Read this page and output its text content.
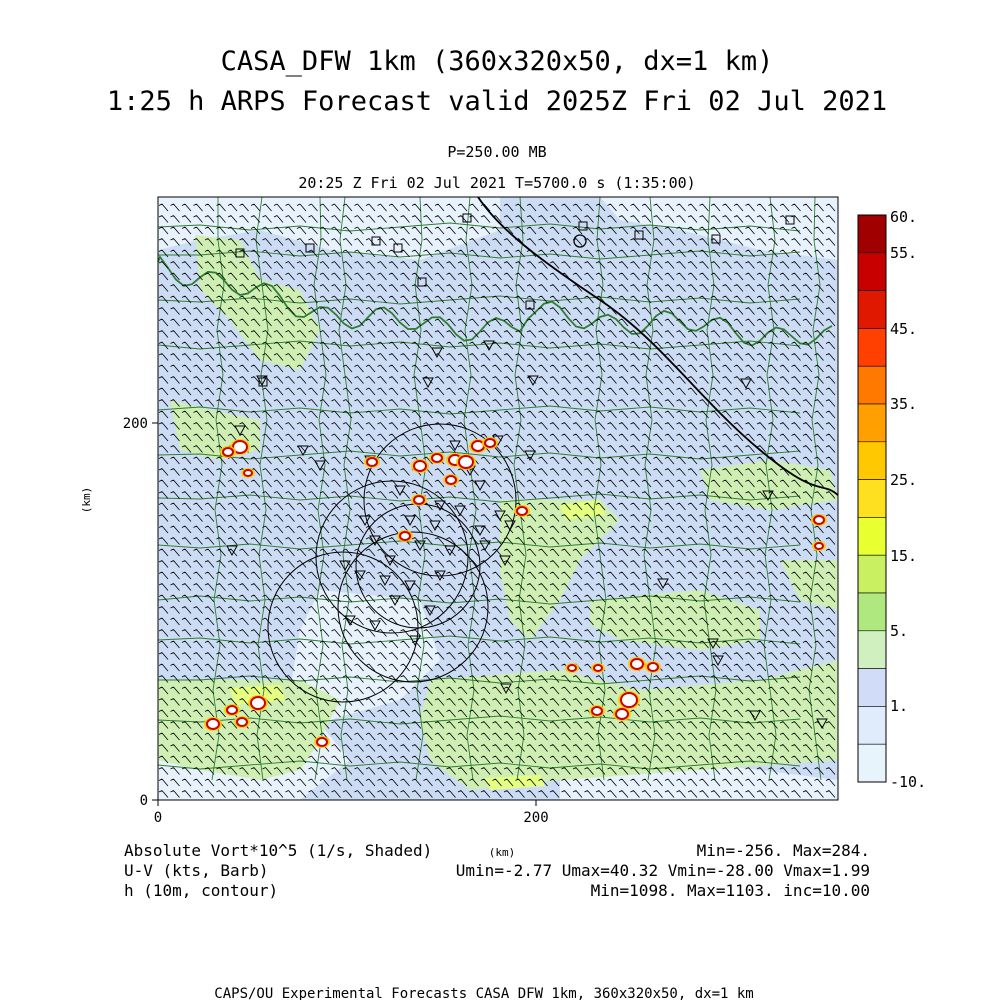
CASA_DFW 1km (360x320x50, dx=1 km)
1:25 h ARPS Forecast valid 2025Z Fri 02 Jul 2021
P=250.00 MB
20:25 Z Fri 02 Jul 2021 T=5700.0 s (1:35:00)
0	200
(km)
0
200
(km)
60.
55.
45.
35.
25.
15.
5.
1.
-10.
Absolute Vort*10^5 (1/s, Shaded)
U-V (kts, Barb)
h (10m, contour)
Min=-256. Max=284.
Umin=-2.77 Umax=40.32 Vmin=-28.00 Vmax=1.99
Min=1098. Max=1103. inc=10.00
CAPS/OU Experimental Forecasts CASA DFW 1km, 360x320x50, dx=1 km
